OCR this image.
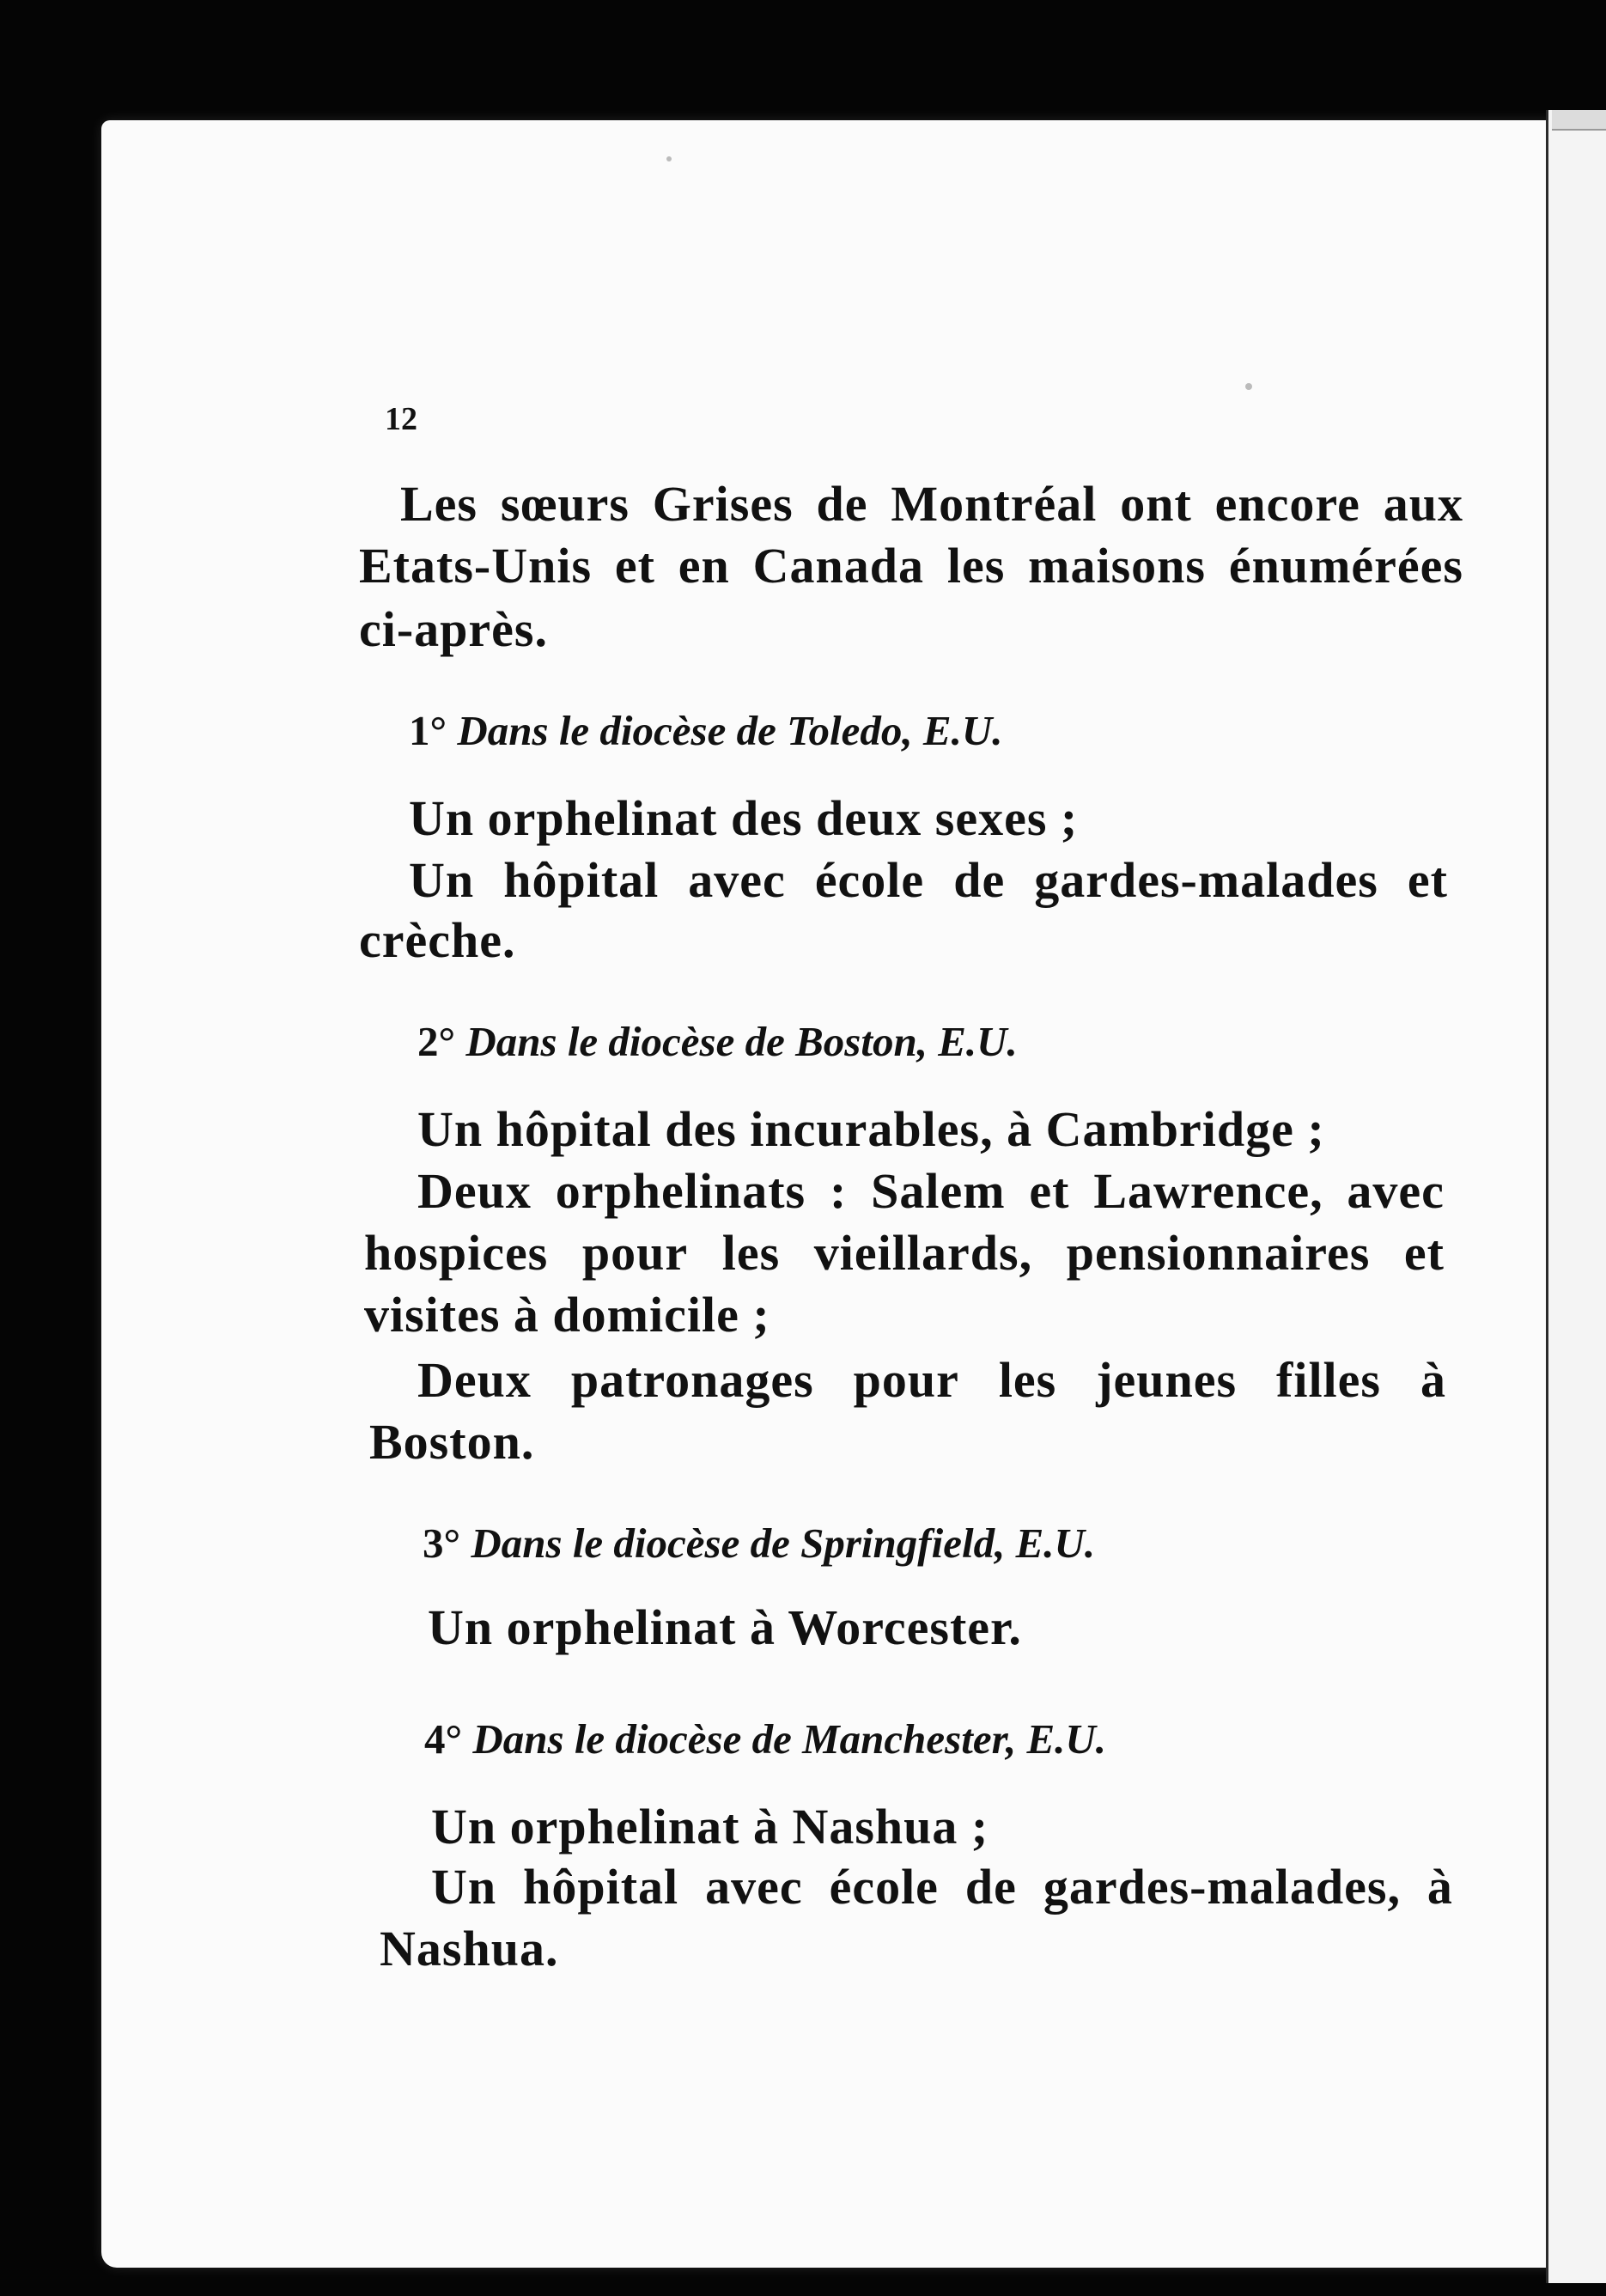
12
Les sœurs Grises de Montréal ont encore aux
Etats-Unis et en Canada les maisons énumérées
ci-après.
1° Dans le diocèse de Toledo, E.U.
Un orphelinat des deux sexes ;
Un hôpital avec école de gardes-malades et
crèche.
2° Dans le diocèse de Boston, E.U.
Un hôpital des incurables, à Cambridge ;
Deux orphelinats : Salem et Lawrence, avec
hospices pour les vieillards, pensionnaires et
visites à domicile ;
Deux patronages pour les jeunes filles à
Boston.
3° Dans le diocèse de Springfield, E.U.
Un orphelinat à Worcester.
4° Dans le diocèse de Manchester, E.U.
Un orphelinat à Nashua ;
Un hôpital avec école de gardes-malades, à
Nashua.
